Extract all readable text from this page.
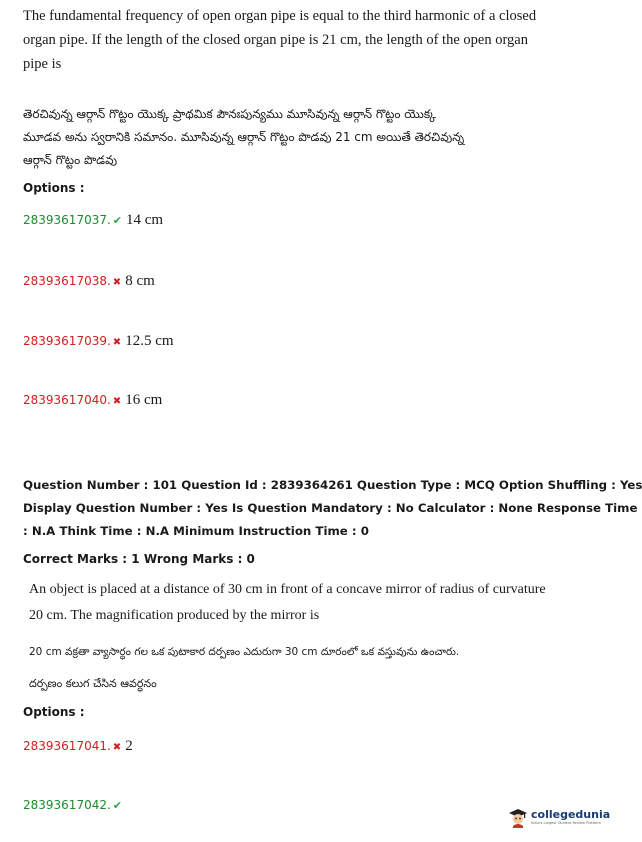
The fundamental frequency of open organ pipe is equal to the third harmonic of a closed
organ pipe. If the length of the closed organ pipe is 21 cm, the length of the open organ
pipe is
తెరచివున్న ఆర్గాన్ గొట్టం యొక్క ప్రాథమిక పౌనఃపున్యము మూసివున్న ఆర్గాన్ గొట్టం యొక్క
మూడవ అను స్వరానికి సమానం. మూసివున్న ఆర్గాన్ గొట్టం పొడవు 21 cm అయితే తెరచివున్న
ఆర్గాన్ గొట్టం పొడవు
Options :
28393617037. ✔ 14 cm
28393617038. ✖ 8 cm
28393617039. ✖ 12.5 cm
28393617040. ✖ 16 cm
Question Number : 101 Question Id : 2839364261 Question Type : MCQ Option Shuffling : Yes
Display Question Number : Yes Is Question Mandatory : No Calculator : None Response Time
: N.A Think Time : N.A Minimum Instruction Time : 0
Correct Marks : 1 Wrong Marks : 0
An object is placed at a distance of 30 cm in front of a concave mirror of radius of curvature
20 cm. The magnification produced by the mirror is
20 cm వక్రతా వ్యాసార్ధం గల ఒక పుటాకార దర్పణం ఎదురుగా 30 cm దూరంలో ఒక వస్తువును ఉంచారు.
దర్పణం కలుగ చేసిన ఆవర్ధనం
Options :
28393617041. ✖ 2
28393617042. ✔
collegedunia
India's Largest Student Review Platform
